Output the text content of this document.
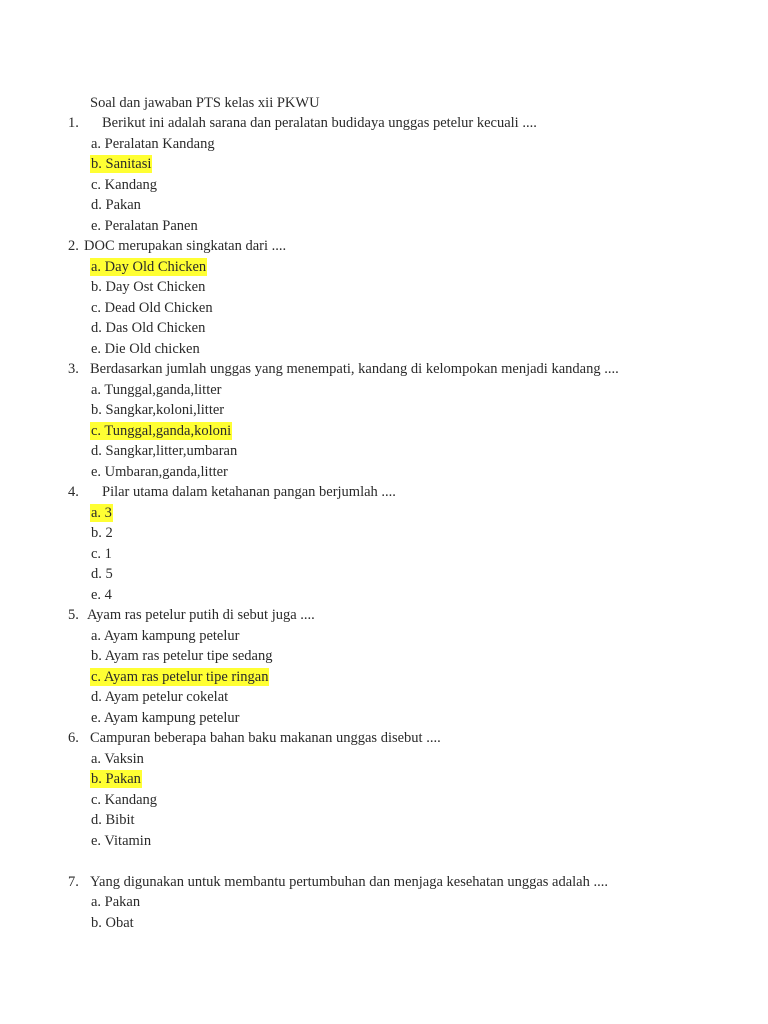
Soal dan jawaban PTS kelas xii PKWU
1. Berikut ini adalah sarana dan peralatan budidaya unggas petelur kecuali ....
a. Peralatan Kandang
b. Sanitasi
c. Kandang
d. Pakan
e. Peralatan Panen
2. DOC merupakan singkatan dari ....
a. Day Old Chicken
b. Day Ost Chicken
c. Dead Old Chicken
d. Das Old Chicken
e. Die Old chicken
3. Berdasarkan jumlah unggas yang menempati, kandang di kelompokan menjadi kandang ....
a. Tunggal,ganda,litter
b. Sangkar,koloni,litter
c. Tunggal,ganda,koloni
d. Sangkar,litter,umbaran
e. Umbaran,ganda,litter
4. Pilar utama dalam ketahanan pangan berjumlah ....
a. 3
b. 2
c. 1
d. 5
e. 4
5. Ayam ras petelur putih di sebut juga ....
a. Ayam kampung petelur
b. Ayam ras petelur tipe sedang
c. Ayam ras petelur tipe ringan
d. Ayam petelur cokelat
e. Ayam kampung petelur
6. Campuran beberapa bahan baku makanan unggas disebut ....
a. Vaksin
b. Pakan
c. Kandang
d. Bibit
e. Vitamin
7. Yang digunakan untuk membantu pertumbuhan dan menjaga kesehatan unggas adalah ....
a. Pakan
b. Obat
